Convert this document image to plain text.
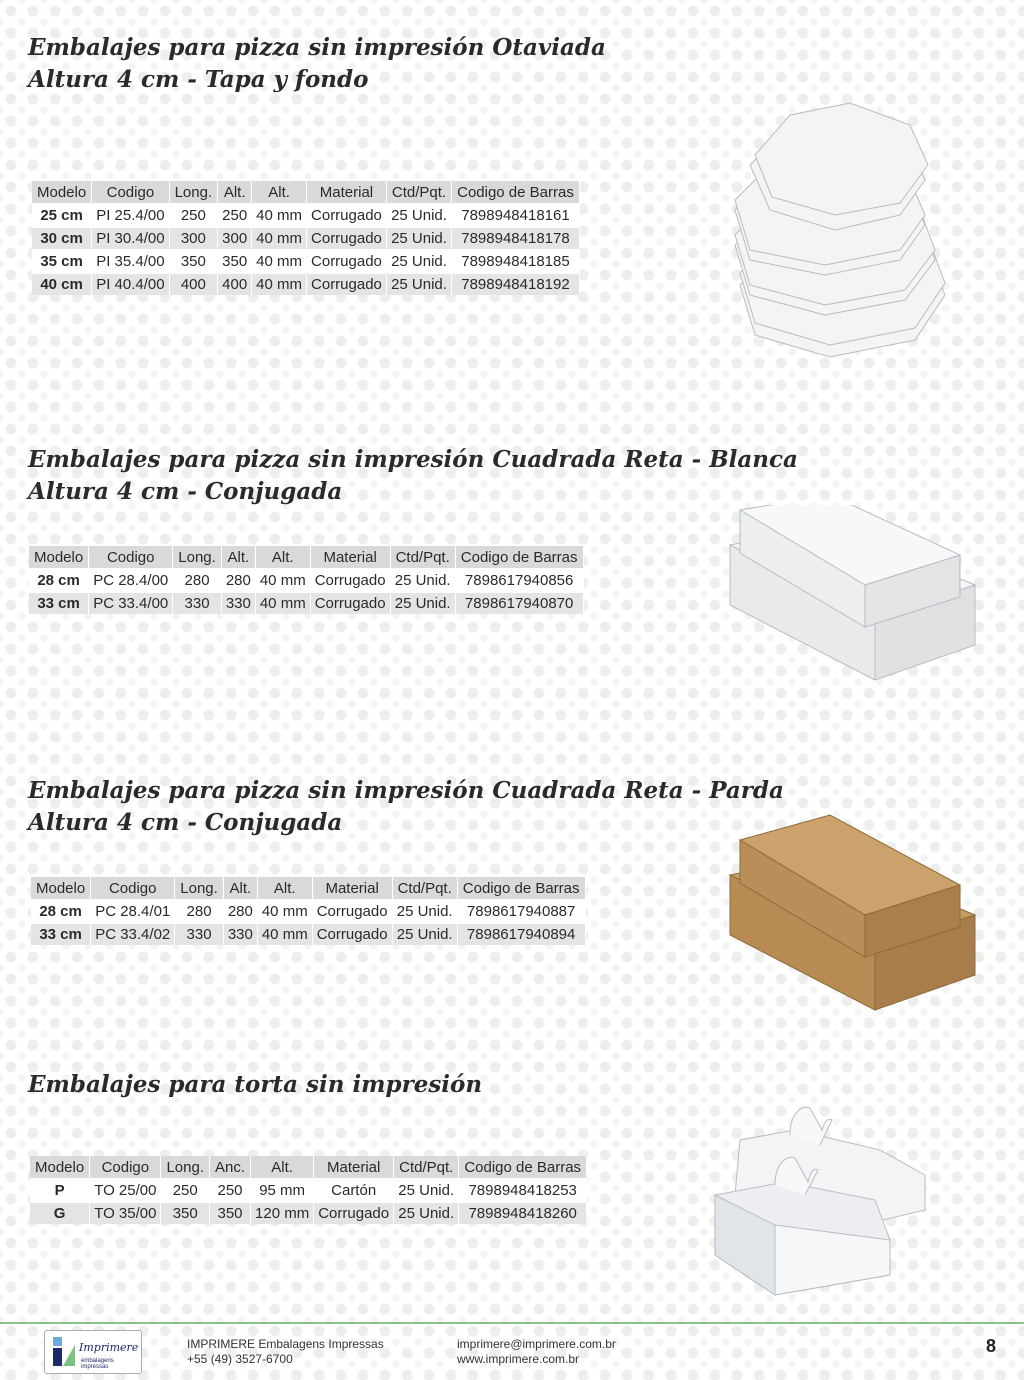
Embalajes para pizza sin impresión Otaviada
Altura 4 cm - Tapa y fondo
Modelo	Codigo	Long.	Alt.	Alt.	Material	Ctd/Pqt.	Codigo de Barras
25 cm	PI 25.4/00	250	250	40 mm	Corrugado	25 Unid.	7898948418161
30 cm	PI 30.4/00	300	300	40 mm	Corrugado	25 Unid.	7898948418178
35 cm	PI 35.4/00	350	350	40 mm	Corrugado	25 Unid.	7898948418185
40 cm	PI 40.4/00	400	400	40 mm	Corrugado	25 Unid.	7898948418192
Embalajes para pizza sin impresión Cuadrada Reta - Blanca
Altura 4 cm - Conjugada
Modelo	Codigo	Long.	Alt.	Alt.	Material	Ctd/Pqt.	Codigo de Barras
28 cm	PC 28.4/00	280	280	40 mm	Corrugado	25 Unid.	7898617940856
33 cm	PC 33.4/00	330	330	40 mm	Corrugado	25 Unid.	7898617940870
Embalajes para pizza sin impresión Cuadrada Reta - Parda
Altura 4 cm - Conjugada
Modelo	Codigo	Long.	Alt.	Alt.	Material	Ctd/Pqt.	Codigo de Barras
28 cm	PC 28.4/01	280	280	40 mm	Corrugado	25 Unid.	7898617940887
33 cm	PC 33.4/02	330	330	40 mm	Corrugado	25 Unid.	7898617940894
Embalajes para torta sin impresión
Modelo	Codigo	Long.	Anc.	Alt.	Material	Ctd/Pqt.	Codigo de Barras
P	TO 25/00	250	250	95 mm	Cartón	25 Unid.	7898948418253
G	TO 35/00	350	350	120 mm	Corrugado	25 Unid.	7898948418260
Imprimere
embalagens impressas
IMPRIMERE Embalagens Impressas
+55 (49) 3527-6700
imprimere@imprimere.com.br
www.imprimere.com.br
8
